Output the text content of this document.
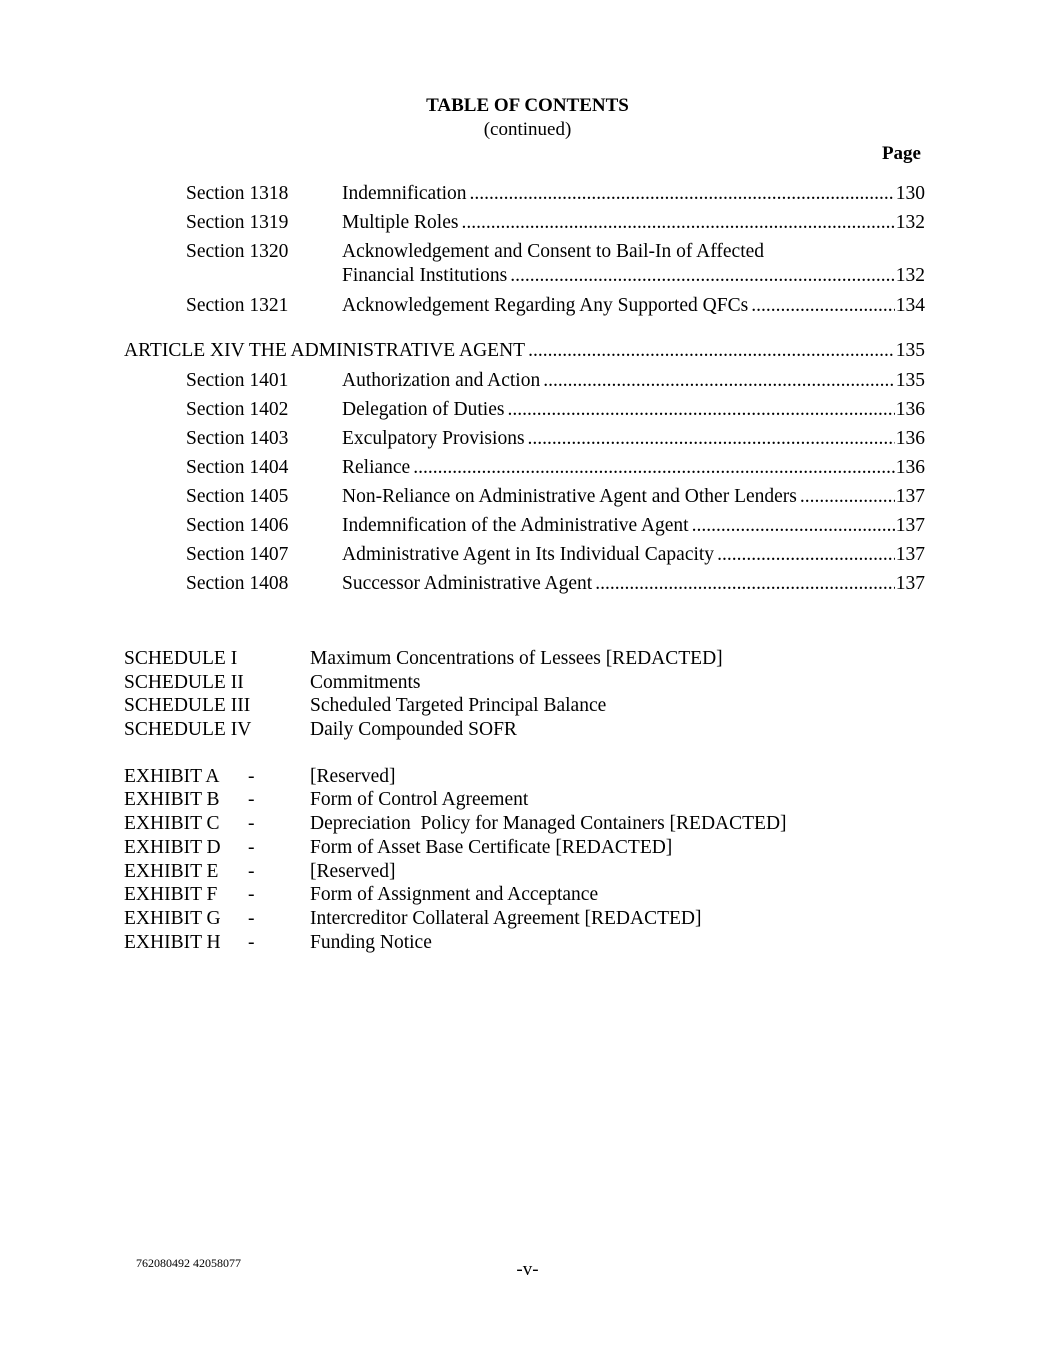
TABLE OF CONTENTS
(continued)
Page
Section 1318	Indemnification .....	130
Section 1319	Multiple Roles .....	132
Section 1320	Acknowledgement and Consent to Bail-In of Affected
Financial Institutions .....	132
Section 1321	Acknowledgement Regarding Any Supported QFCs .....	134
ARTICLE XIV THE ADMINISTRATIVE AGENT .....	135
Section 1401	Authorization and Action .....	135
Section 1402	Delegation of Duties .....	136
Section 1403	Exculpatory Provisions .....	136
Section 1404	Reliance .....	136
Section 1405	Non-Reliance on Administrative Agent and Other Lenders .....	137
Section 1406	Indemnification of the Administrative Agent .....	137
Section 1407	Administrative Agent in Its Individual Capacity .....	137
Section 1408	Successor Administrative Agent .....	137
SCHEDULE I	Maximum Concentrations of Lessees [REDACTED]
SCHEDULE II	Commitments
SCHEDULE III	Scheduled Targeted Principal Balance
SCHEDULE IV	Daily Compounded SOFR
EXHIBIT A -	[Reserved]
EXHIBIT B -	Form of Control Agreement
EXHIBIT C -	Depreciation  Policy for Managed Containers [REDACTED]
EXHIBIT D -	Form of Asset Base Certificate [REDACTED]
EXHIBIT E -	[Reserved]
EXHIBIT F -	Form of Assignment and Acceptance
EXHIBIT G -	Intercreditor Collateral Agreement [REDACTED]
EXHIBIT H -	Funding Notice
762080492 42058077	-v-
